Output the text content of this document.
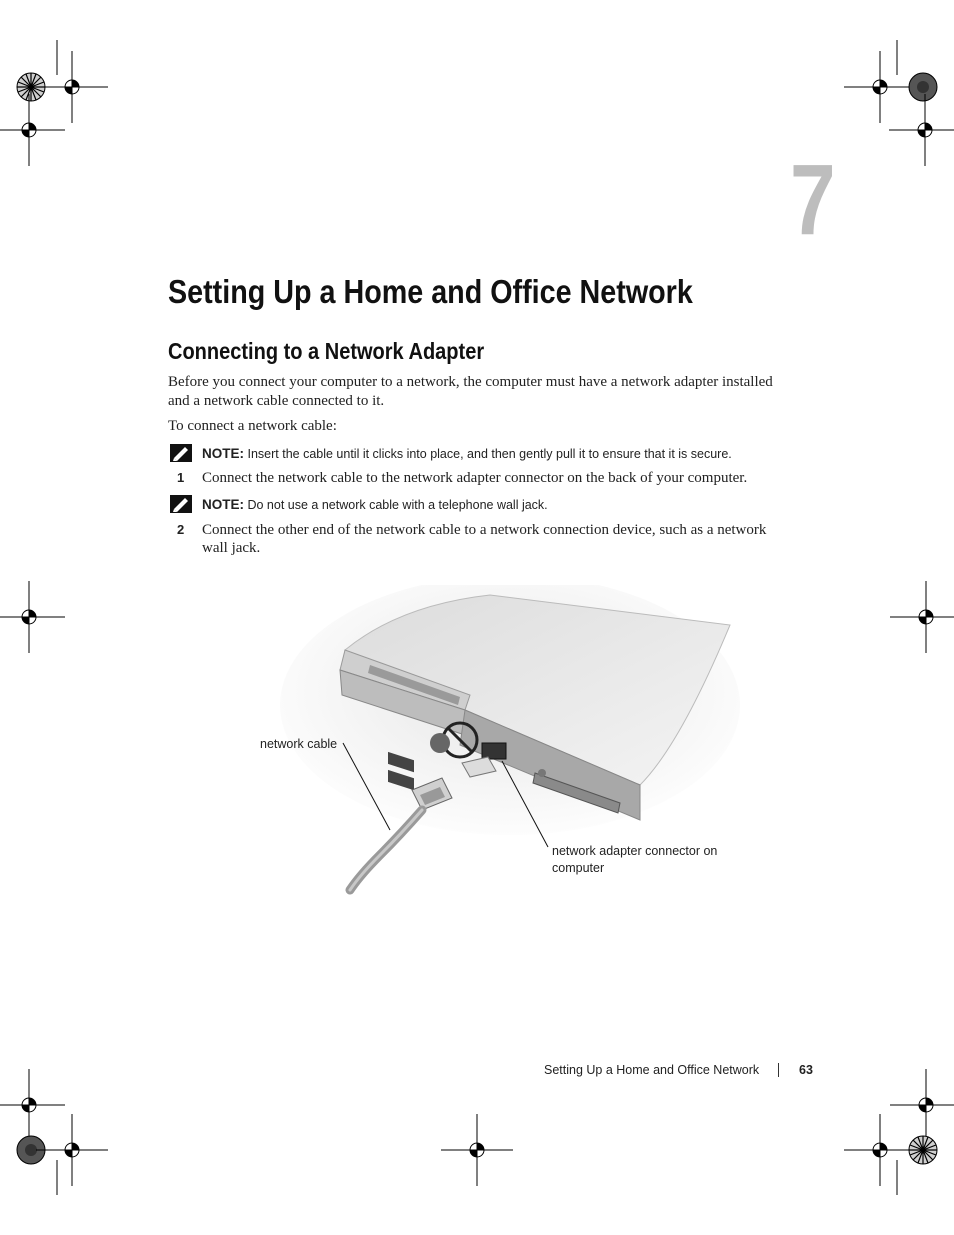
7
Setting Up a Home and Office Network
Connecting to a Network Adapter
Before you connect your computer to a network, the computer must have a network adapter installed and a network cable connected to it.
To connect a network cable:
NOTE: Insert the cable until it clicks into place, and then gently pull it to ensure that it is secure.
1 Connect the network cable to the network adapter connector on the back of your computer.
NOTE: Do not use a network cable with a telephone wall jack.
2 Connect the other end of the network cable to a network connection device, such as a network wall jack.
network cable
network adapter connector on computer
Setting Up a Home and Office Network	63
